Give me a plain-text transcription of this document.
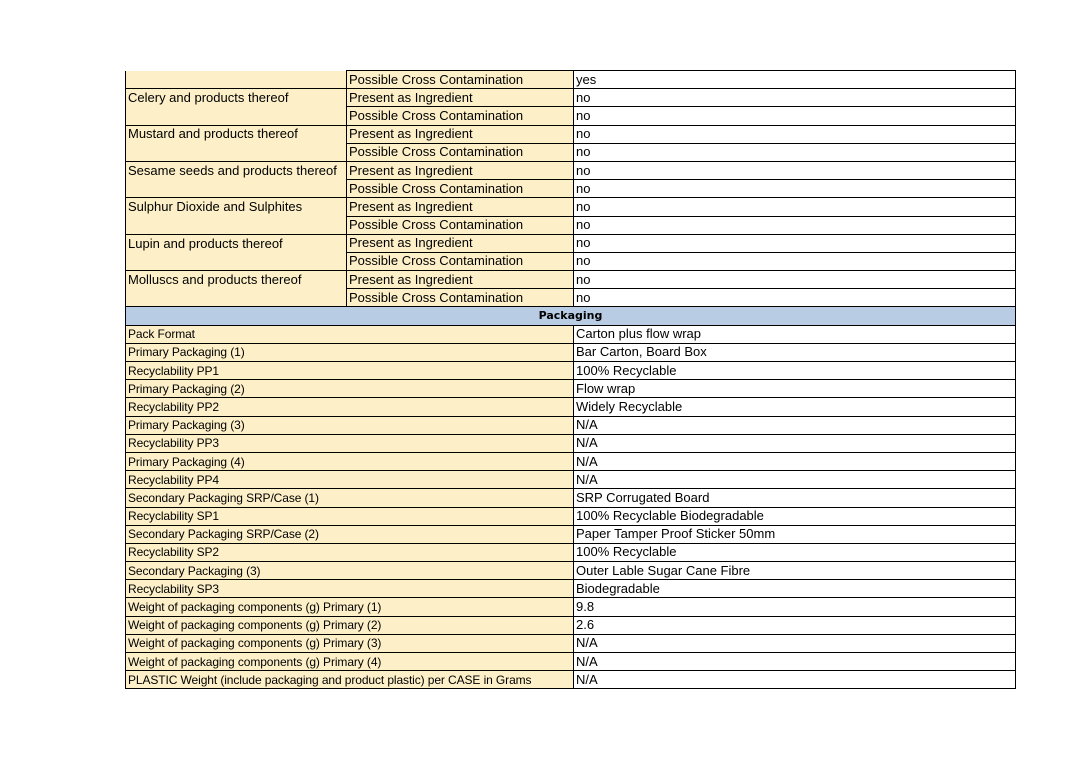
	Possible Cross Contamination	yes
Celery and products thereof	Present as Ingredient	no
	Possible Cross Contamination	no
Mustard and products thereof	Present as Ingredient	no
	Possible Cross Contamination	no
Sesame seeds and products thereof	Present as Ingredient	no
	Possible Cross Contamination	no
Sulphur Dioxide and Sulphites	Present as Ingredient	no
	Possible Cross Contamination	no
Lupin and products thereof	Present as Ingredient	no
	Possible Cross Contamination	no
Molluscs and products thereof	Present as Ingredient	no
	Possible Cross Contamination	no
Packaging		
Pack Format		Carton plus flow wrap
Primary Packaging (1)		Bar Carton, Board Box
Recyclability PP1		100% Recyclable
Primary Packaging (2)		Flow wrap
Recyclability PP2		Widely Recyclable
Primary Packaging (3)		N/A
Recyclability PP3		N/A
Primary Packaging (4)		N/A
Recyclability PP4		N/A
Secondary Packaging SRP/Case (1)		SRP Corrugated Board
Recyclability SP1		100% Recyclable Biodegradable
Secondary Packaging SRP/Case (2)		Paper Tamper Proof Sticker 50mm
Recyclability SP2		100% Recyclable
Secondary Packaging (3)		Outer Lable Sugar Cane Fibre
Recyclability SP3		Biodegradable
Weight of packaging components (g) Primary (1)		9.8
Weight of packaging components (g) Primary (2)		2.6
Weight of packaging components (g) Primary (3)		N/A
Weight of packaging components (g) Primary (4)		N/A
PLASTIC Weight (include packaging and product plastic) per CASE in Grams		N/A
